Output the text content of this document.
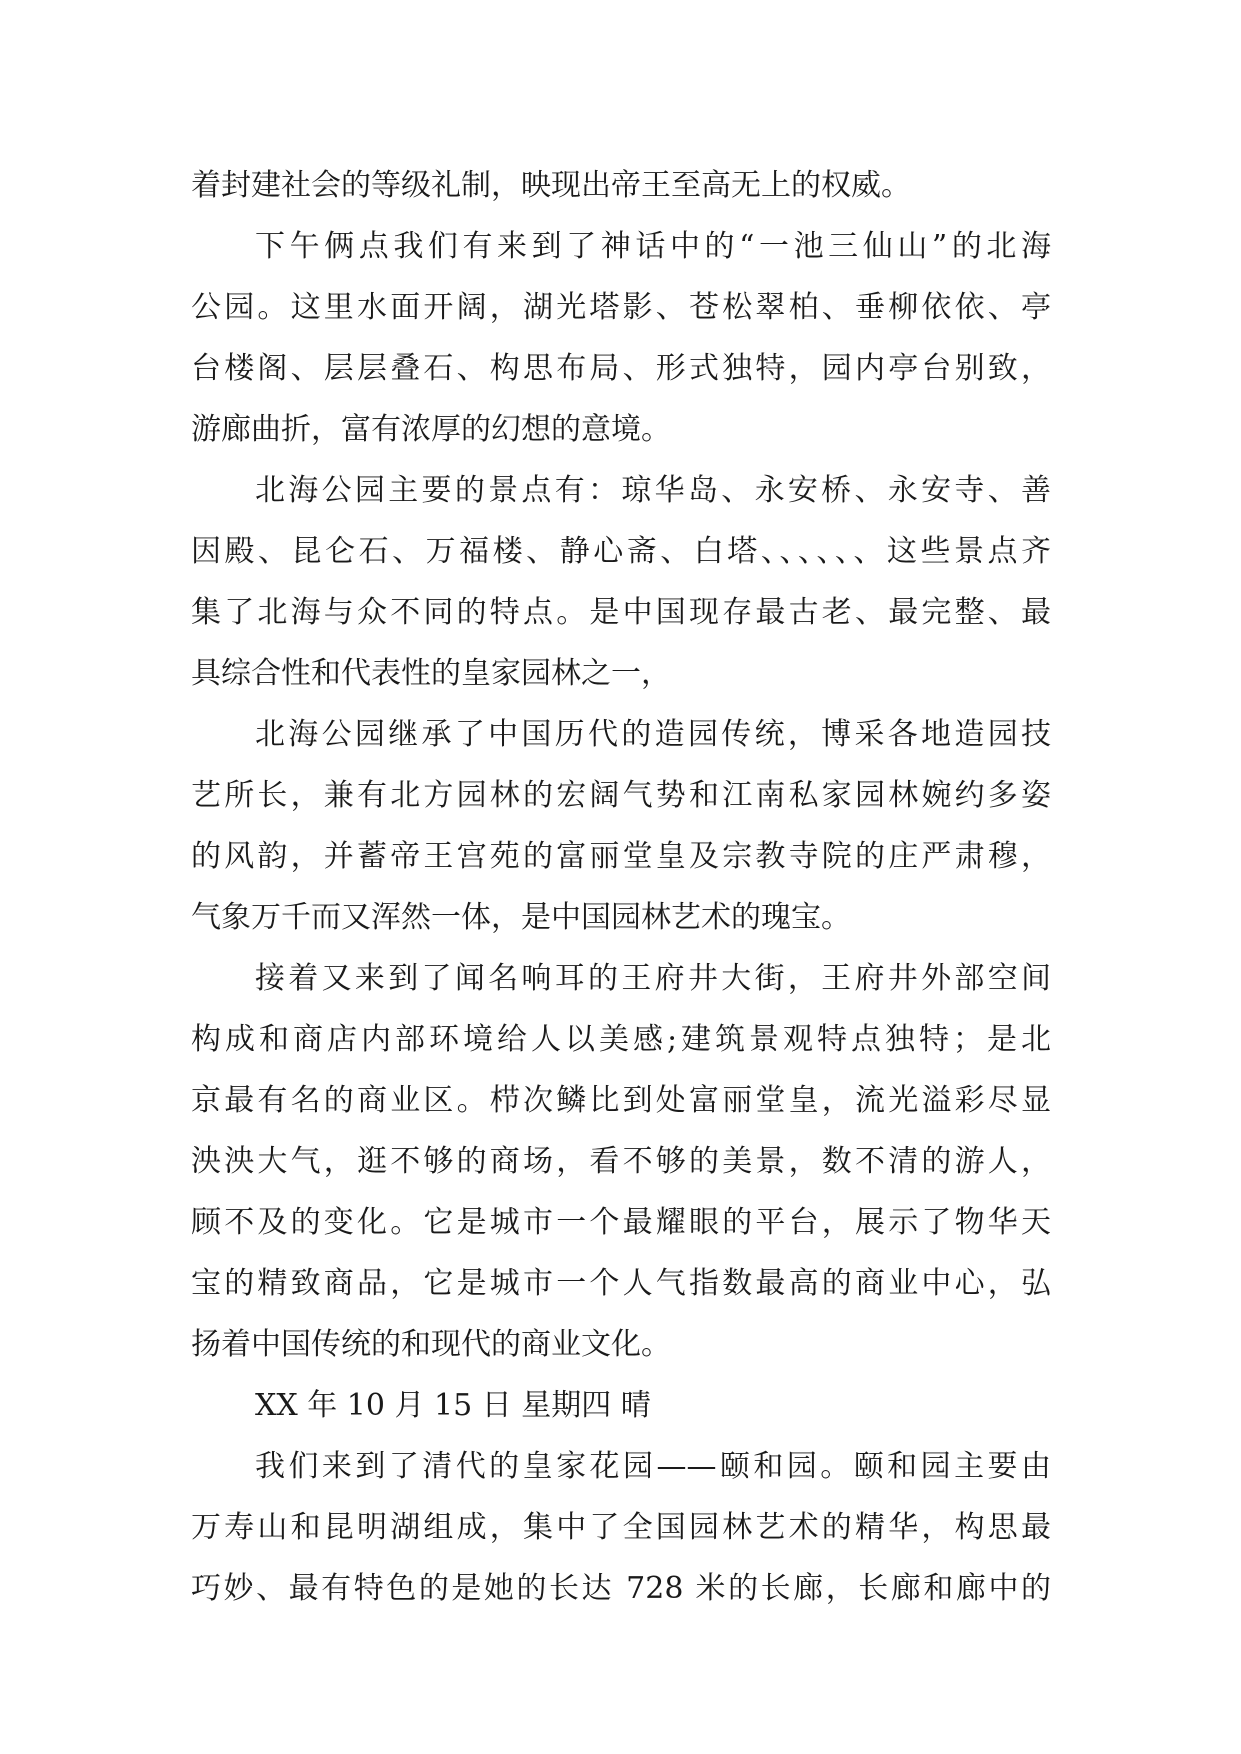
着封建社会的等级礼制，映现出帝王至高无上的权威。
下午俩点我们有来到了神话中的“一池三仙山”的北海
公园。这里水面开阔，湖光塔影、苍松翠柏、垂柳依依、亭
台楼阁、层层叠石、构思布局、形式独特，园内亭台别致，
游廊曲折，富有浓厚的幻想的意境。
北海公园主要的景点有：琼华岛、永安桥、永安寺、善
因殿、昆仑石、万福楼、静心斋、白塔、、、、、、这些景点齐
集了北海与众不同的特点。是中国现存最古老、最完整、最
具综合性和代表性的皇家园林之一，
北海公园继承了中国历代的造园传统，博采各地造园技
艺所长，兼有北方园林的宏阔气势和江南私家园林婉约多姿
的风韵，并蓄帝王宫苑的富丽堂皇及宗教寺院的庄严肃穆，
气象万千而又浑然一体，是中国园林艺术的瑰宝。
接着又来到了闻名响耳的王府井大街，王府井外部空间
构成和商店内部环境给人以美感;建筑景观特点独特；是北
京最有名的商业区。栉次鳞比到处富丽堂皇，流光溢彩尽显
泱泱大气，逛不够的商场，看不够的美景，数不清的游人，
顾不及的变化。它是城市一个最耀眼的平台，展示了物华天
宝的精致商品，它是城市一个人气指数最高的商业中心，弘
扬着中国传统的和现代的商业文化。
XX 年 10 月 15 日 星期四 晴
我们来到了清代的皇家花园——颐和园。颐和园主要由
万寿山和昆明湖组成，集中了全国园林艺术的精华，构思最
巧妙、最有特色的是她的长达 728 米的长廊，长廊和廊中的
